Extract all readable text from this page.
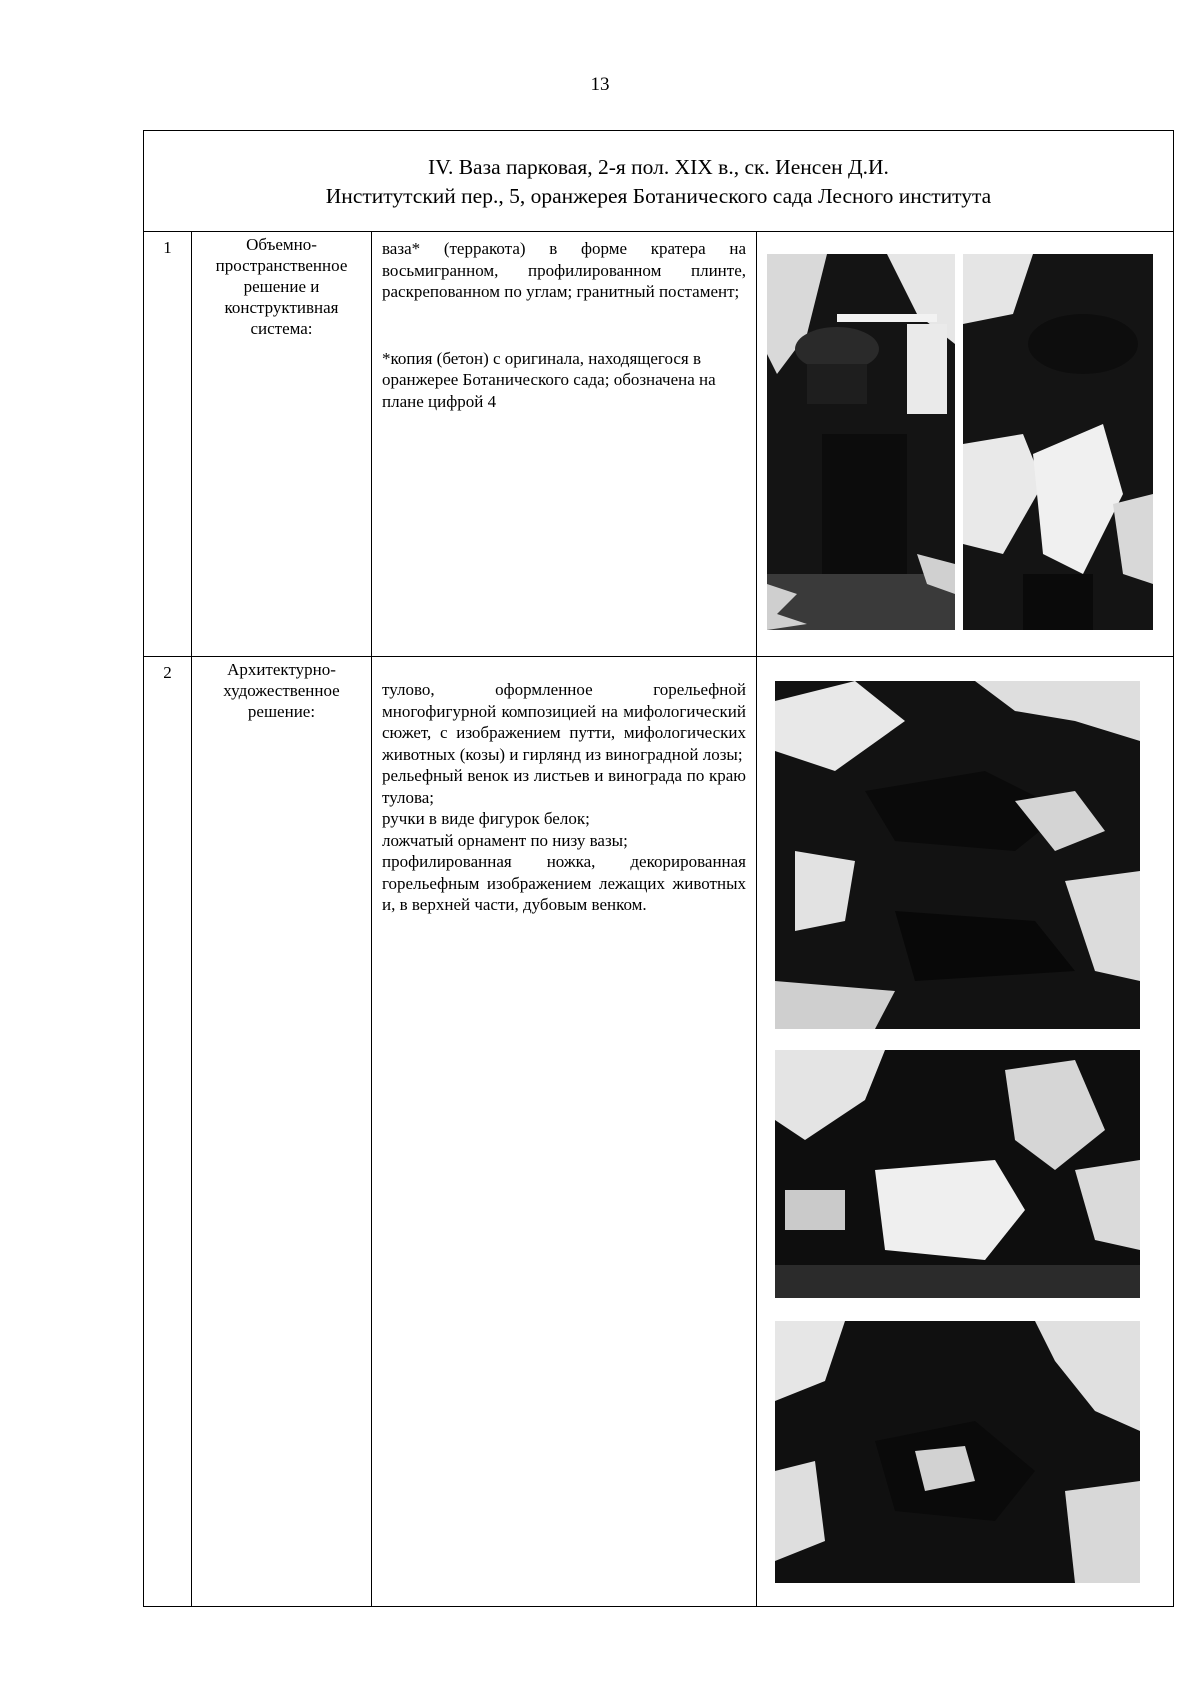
13
IV. Ваза парковая, 2-я пол. XIX в., ск. Иенсен Д.И.
Институтский пер., 5, оранжерея Ботанического сада Лесного института			

1	Объемно-пространственное решение и конструктивная система:	ваза* (терракота) в форме кратера на восьмигранном, профилированном плинте, раскрепованном по углам; гранитный постамент;

*копия (бетон) с оригинала, находящегося в оранжерее Ботанического сада; обозначена на плане цифрой 4

2	Архитектурно-художественное решение:	тулово, оформленное горельефной многофигурной композицией на мифологический сюжет, с изображением путти, мифологических животных (козы) и гирлянд из виноградной лозы;

рельефный венок из листьев и винограда по краю тулова;

ручки в виде фигурок белок;

ложчатый орнамент по низу вазы;

профилированная ножка, декорированная горельефным изображением лежащих животных и, в верхней части, дубовым венком.
